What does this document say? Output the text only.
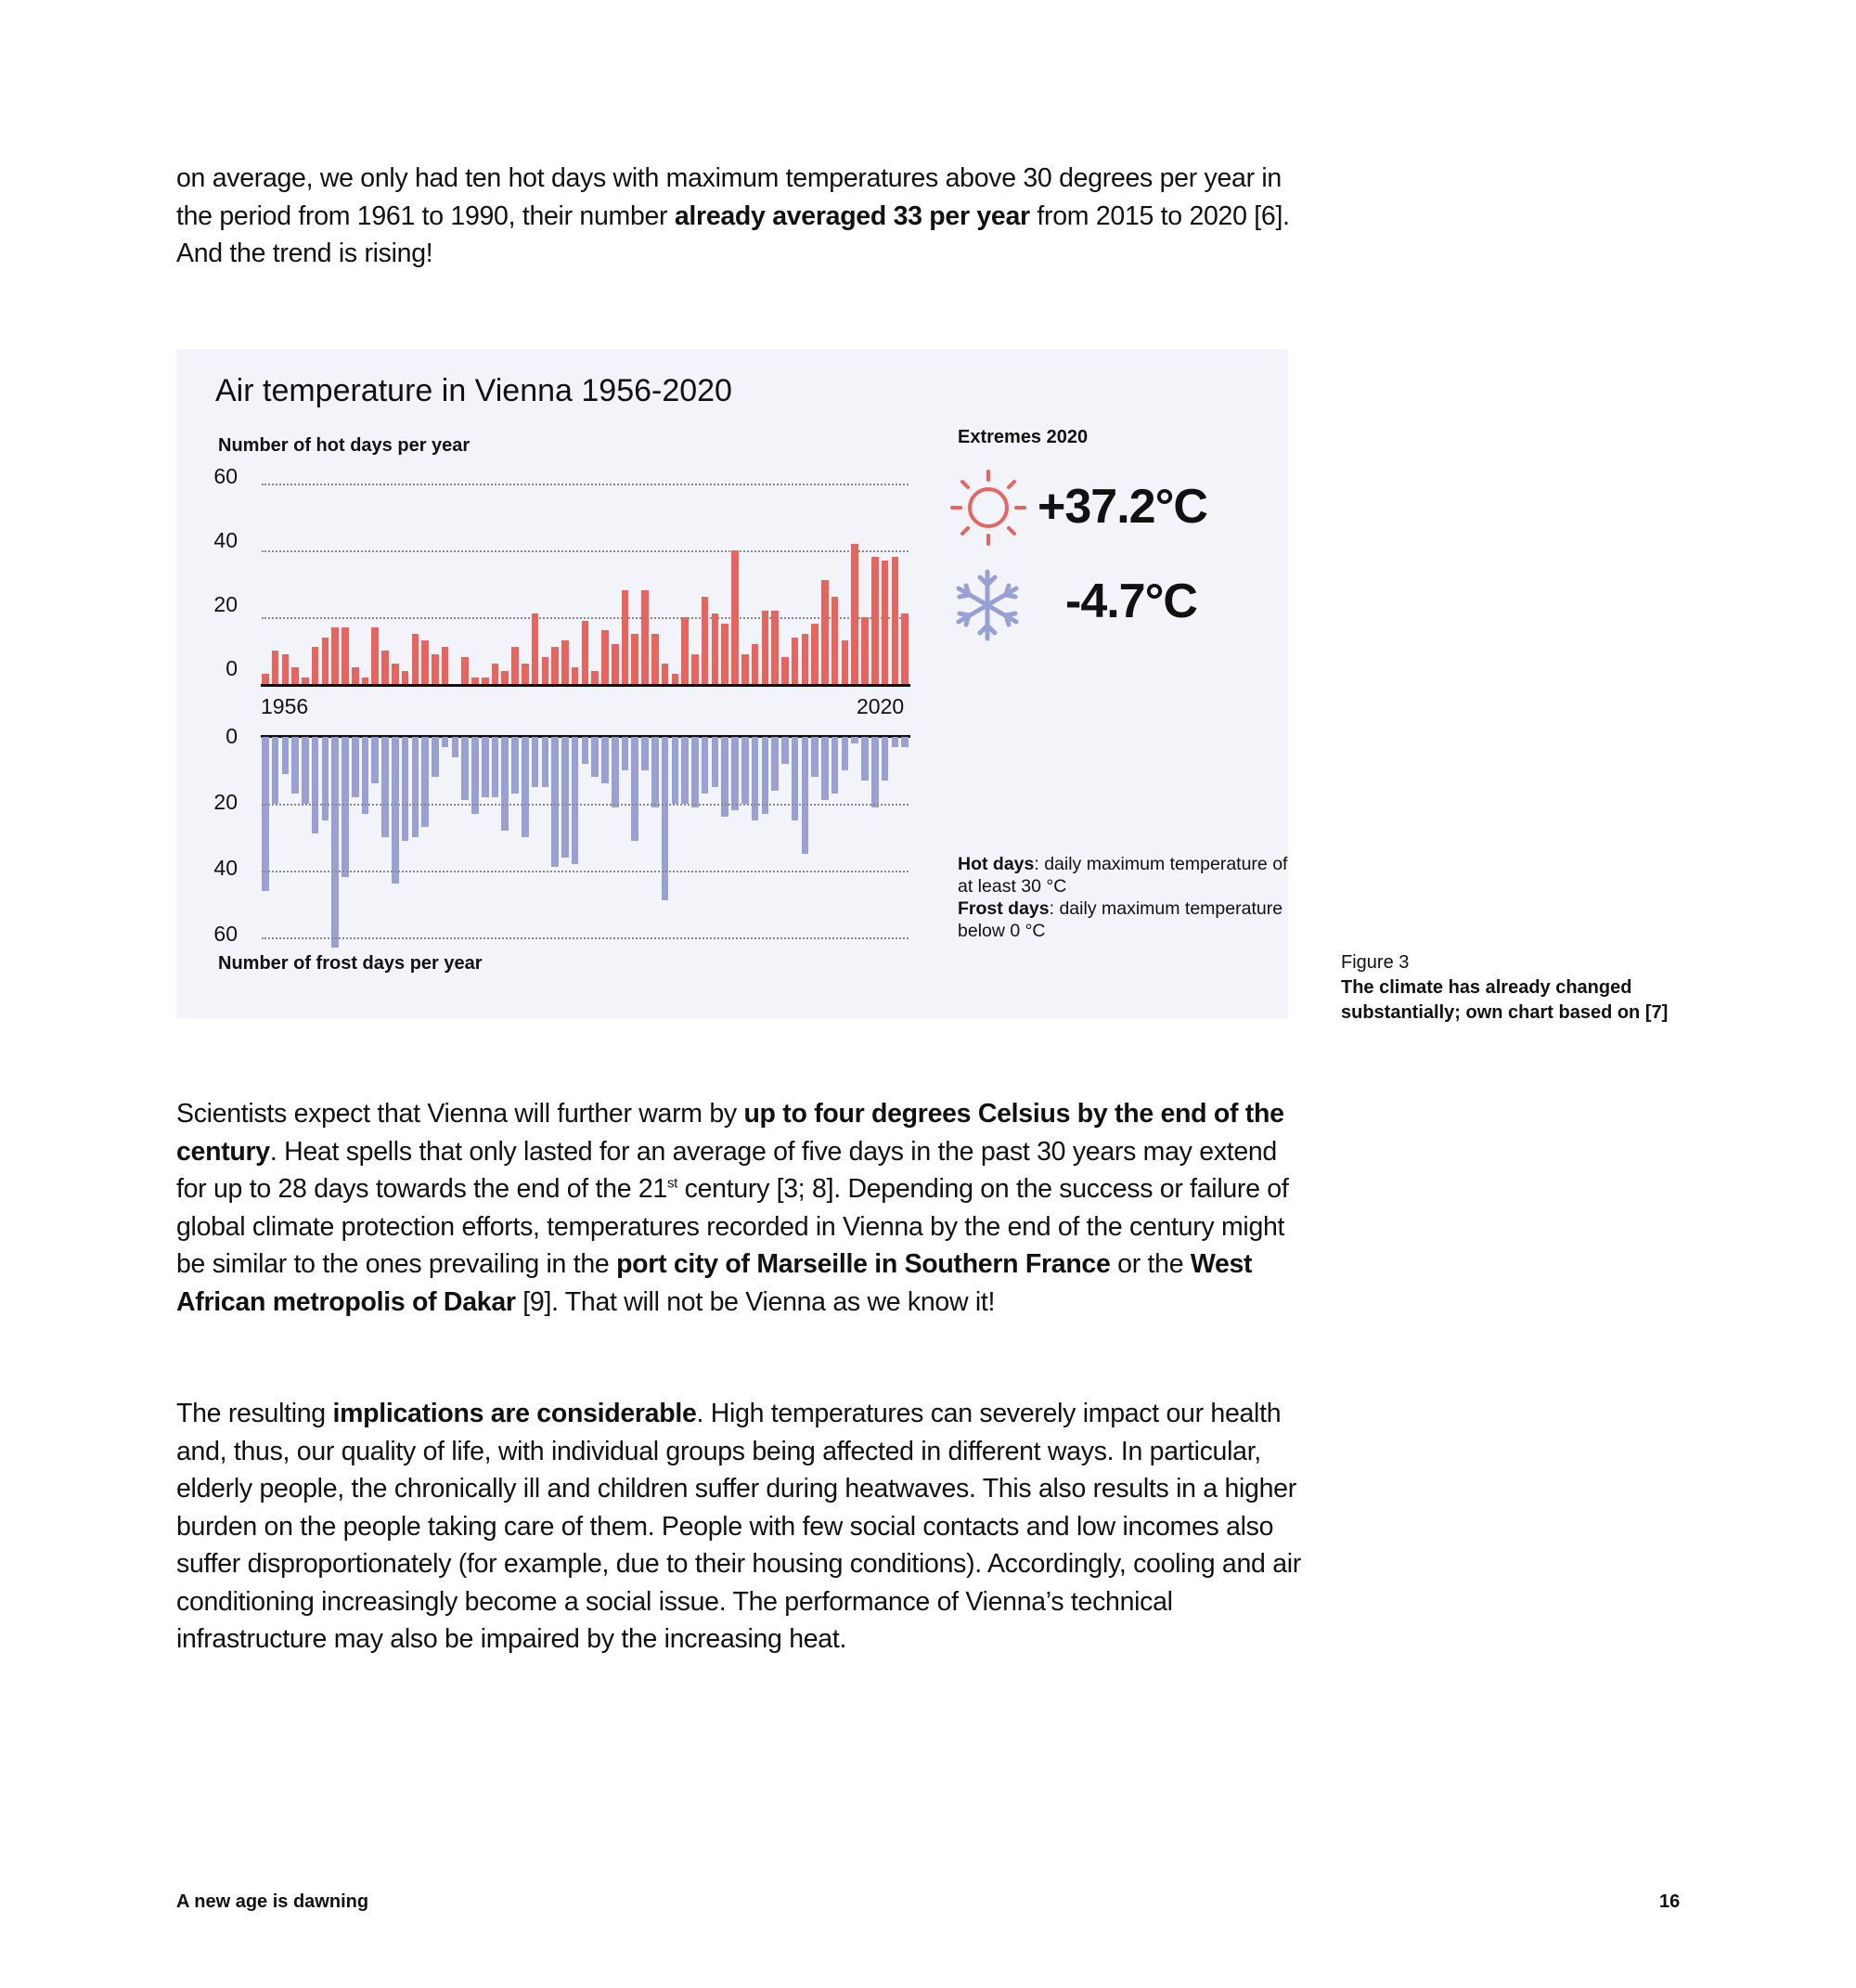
on average, we only had ten hot days with maximum temperatures above 30 degrees per year in the period from 1961 to 1990, their number already averaged 33 per year from 2015 to 2020 [6]. And the trend is rising!
Air temperature in Vienna 1956-2020
Number of hot days per year
60
40
20
0
1956	2020
0
20
40
60
Number of frost days per year
Extremes 2020
+37.2°C
-4.7°C
Hot days: daily maximum temperature of at least 30 °C
Frost days: daily maximum temperature below 0 °C
Figure 3
The climate has already changed substantially; own chart based on [7]
Scientists expect that Vienna will further warm by up to four degrees Celsius by the end of the century. Heat spells that only lasted for an average of five days in the past 30 years may extend for up to 28 days towards the end of the 21st century [3; 8]. Depending on the success or failure of global climate protection efforts, temperatures recorded in Vienna by the end of the century might be similar to the ones prevailing in the port city of Marseille in Southern France or the West African metropolis of Dakar [9]. That will not be Vienna as we know it!
The resulting implications are considerable. High temperatures can severely impact our health and, thus, our quality of life, with individual groups being affected in different ways. In particular, elderly people, the chronically ill and children suffer during heatwaves. This also results in a higher burden on the people taking care of them. People with few social contacts and low incomes also suffer disproportionately (for example, due to their housing conditions). Accordingly, cooling and air conditioning increasingly become a social issue. The performance of Vienna’s technical infrastructure may also be impaired by the increasing heat.
A new age is dawning	16
